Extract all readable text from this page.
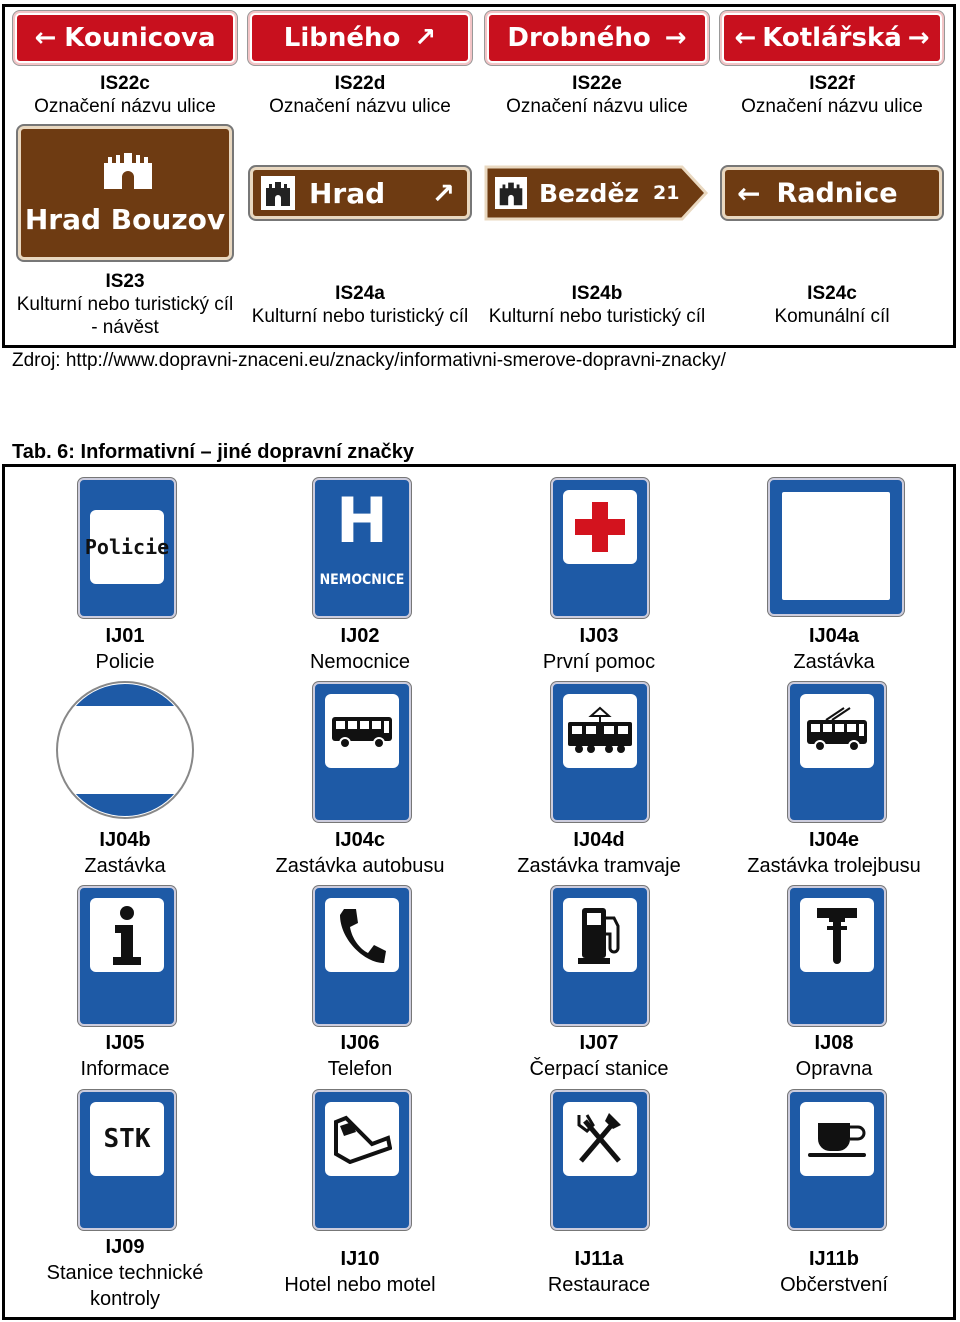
← Kounicova	Libného ↗	Drobného → ← Kotlářská →
IS22c
Označení názvu ulice
IS22d
Označení názvu ulice
IS22e
Označení názvu ulice
IS22f
Označení názvu ulice
Hrad Bouzov
Hrad ↗	Bezděz 21 ← Radnice
IS23
Kulturní nebo turistický cíl
- návěst
IS24a
Kulturní nebo turistický cíl
IS24b
Kulturní nebo turistický cíl
IS24c
Komunální cíl
Zdroj: http://www.dopravni-znaceni.eu/znacky/informativni-smerove-dopravni-znacky/
Tab. 6: Informativní – jiné dopravní značky
Policie	H
NEMOCNICE
IJ01
Policie
IJ02
Nemocnice
IJ03
První pomoc
IJ04a
Zastávka
IJ04b
Zastávka
IJ04c
Zastávka autobusu
IJ04d
Zastávka tramvaje
IJ04e
Zastávka trolejbusu
IJ05
Informace
IJ06
Telefon
IJ07
Čerpací stanice
IJ08
Opravna
STK
IJ09
Stanice technické
kontroly
IJ10
Hotel nebo motel
IJ11a
Restaurace
IJ11b
Občerstvení
